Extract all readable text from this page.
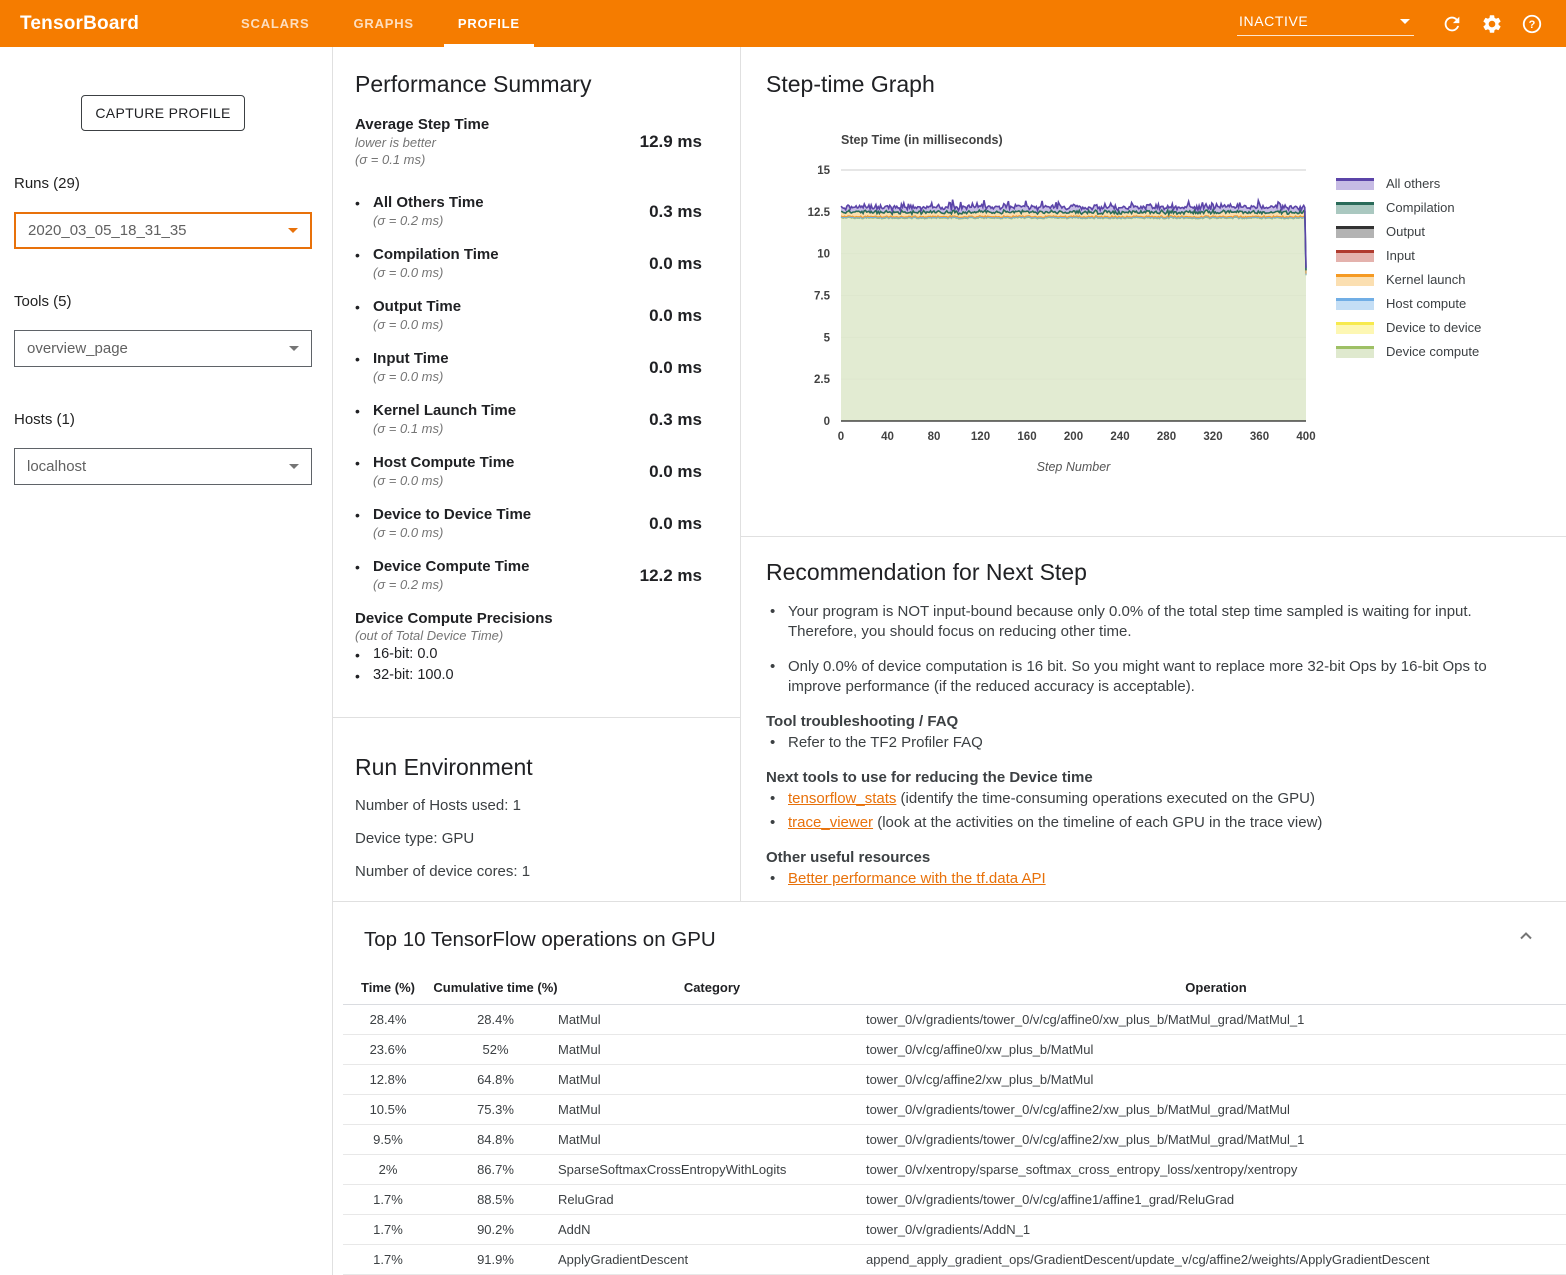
TensorBoard	SCALARS	GRAPHS	PROFILE	INACTIVE	?
CAPTURE PROFILE
Runs (29)
2020_03_05_18_31_35
Tools (5)
overview_page
Hosts (1)
localhost
Performance Summary
Average Step Time
lower is better
(σ = 0.1 ms)
12.9 ms
• All Others Time
(σ = 0.2 ms)	0.3 ms
• Compilation Time
(σ = 0.0 ms)	0.0 ms
• Output Time
(σ = 0.0 ms)	0.0 ms
• Input Time
(σ = 0.0 ms)	0.0 ms
• Kernel Launch Time
(σ = 0.1 ms)	0.3 ms
• Host Compute Time
(σ = 0.0 ms)	0.0 ms
• Device to Device Time
(σ = 0.0 ms)	0.0 ms
• Device Compute Time
(σ = 0.2 ms)	12.2 ms
Device Compute Precisions
(out of Total Device Time)
• 16-bit: 0.0
• 32-bit: 100.0
Run Environment
Number of Hosts used: 1
Device type: GPU
Number of device cores: 1
Step-time Graph
0
2.5
5
7.5
10
12.5
15
0	40	80	120 160 200 240 280 320 360 400
Step Time (in milliseconds)
Step Number
All others
Compilation
Output
Input
Kernel launch
Host compute
Device to device
Device compute
Recommendation for Next Step
• Your program is NOT input-bound because only 0.0% of the total step time sampled is waiting for input. Therefore, you should focus on reducing other time.
• Only 0.0% of device computation is 16 bit. So you might want to replace more 32-bit Ops by 16-bit Ops to improve performance (if the reduced accuracy is acceptable).
Tool troubleshooting / FAQ
• Refer to the TF2 Profiler FAQ
Next tools to use for reducing the Device time
• tensorflow_stats (identify the time-consuming operations executed on the GPU)
• trace_viewer (look at the activities on the timeline of each GPU in the trace view)
Other useful resources
• Better performance with the tf.data API
Top 10 TensorFlow operations on GPU
Time (%)	Cumulative time (%)	Category	Operation
28.4%	28.4%	MatMul	tower_0/v/gradients/tower_0/v/cg/affine0/xw_plus_b/MatMul_grad/MatMul_1
23.6%	52%	MatMul	tower_0/v/cg/affine0/xw_plus_b/MatMul
12.8%	64.8%	MatMul	tower_0/v/cg/affine2/xw_plus_b/MatMul
10.5%	75.3%	MatMul	tower_0/v/gradients/tower_0/v/cg/affine2/xw_plus_b/MatMul_grad/MatMul
9.5%	84.8%	MatMul	tower_0/v/gradients/tower_0/v/cg/affine2/xw_plus_b/MatMul_grad/MatMul_1
2%	86.7%	SparseSoftmaxCrossEntropyWithLogits	tower_0/v/xentropy/sparse_softmax_cross_entropy_loss/xentropy/xentropy
1.7%	88.5%	ReluGrad	tower_0/v/gradients/tower_0/v/cg/affine1/affine1_grad/ReluGrad
1.7%	90.2%	AddN	tower_0/v/gradients/AddN_1
1.7%	91.9%	ApplyGradientDescent	append_apply_gradient_ops/GradientDescent/update_v/cg/affine2/weights/ApplyGradientDescent
